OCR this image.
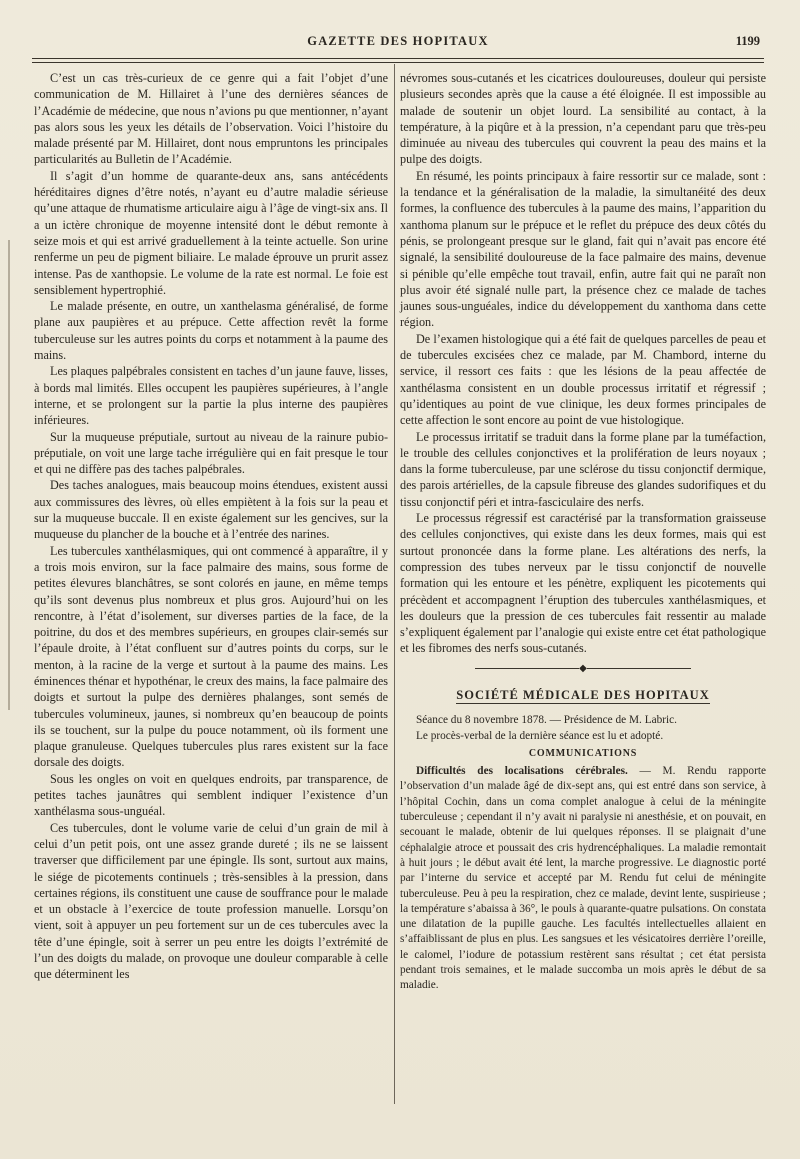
GAZETTE DES HOPITAUX	1199

C’est un cas très-curieux de ce genre qui a fait l’objet d’une communication de M. Hillairet à l’une des dernières séances de l’Académie de médecine, que nous n’avions pu que mentionner, n’ayant pas alors sous les yeux les détails de l’observation. Voici l’histoire du malade présenté par M. Hillairet, dont nous empruntons les principales particularités au Bulletin de l’Académie.

Il s’agit d’un homme de quarante-deux ans, sans antécédents héréditaires dignes d’être notés, n’ayant eu d’autre maladie sérieuse qu’une attaque de rhumatisme articulaire aigu à l’âge de vingt-six ans. Il a un ictère chronique de moyenne intensité dont le début remonte à seize mois et qui est arrivé graduellement à la teinte actuelle. Son urine renferme un peu de pigment biliaire. Le malade éprouve un prurit assez intense. Pas de xanthopsie. Le volume de la rate est normal. Le foie est sensiblement hypertrophié.

Le malade présente, en outre, un xanthelasma généralisé, de forme plane aux paupières et au prépuce. Cette affection revêt la forme tuberculeuse sur les autres points du corps et notamment à la paume des mains.

Les plaques palpébrales consistent en taches d’un jaune fauve, lisses, à bords mal limités. Elles occupent les paupières supérieures, à l’angle interne, et se prolongent sur la partie la plus interne des paupières inférieures.

Sur la muqueuse préputiale, surtout au niveau de la rainure pubio-préputiale, on voit une large tache irrégulière qui en fait presque le tour et qui ne diffère pas des taches palpébrales.

Des taches analogues, mais beaucoup moins étendues, existent aussi aux commissures des lèvres, où elles empiètent à la fois sur la peau et sur la muqueuse buccale. Il en existe également sur les gencives, sur la muqueuse du plancher de la bouche et à l’entrée des narines.

Les tubercules xanthélasmiques, qui ont commencé à apparaître, il y a trois mois environ, sur la face palmaire des mains, sous forme de petites élevures blanchâtres, se sont colorés en jaune, en même temps qu’ils sont devenus plus nombreux et plus gros. Aujourd’hui on les rencontre, à l’état d’isolement, sur diverses parties de la face, de la poitrine, du dos et des membres supérieurs, en groupes clair-semés sur l’épaule droite, à l’état confluent sur d’autres points du corps, sur le menton, à la racine de la verge et surtout à la paume des mains. Les éminences thénar et hypothénar, le creux des mains, la face palmaire des doigts et surtout la pulpe des dernières phalanges, sont semés de tubercules volumineux, jaunes, si nombreux qu’en beaucoup de points ils se touchent, sur la pulpe du pouce notamment, où ils forment une plaque granuleuse. Quelques tubercules plus rares existent sur la face dorsale des doigts.

Sous les ongles on voit en quelques endroits, par transparence, de petites taches jaunâtres qui semblent indiquer l’existence d’un xanthélasma sous-unguéal.

Ces tubercules, dont le volume varie de celui d’un grain de mil à celui d’un petit pois, ont une assez grande dureté ; ils ne se laissent traverser que difficilement par une épingle. Ils sont, surtout aux mains, le siége de picotements continuels ; très-sensibles à la pression, dans certaines régions, ils constituent une cause de souffrance pour le malade et un obstacle à l’exercice de toute profession manuelle. Lorsqu’on vient, soit à appuyer un peu fortement sur un de ces tubercules avec la tête d’une épingle, soit à serrer un peu entre les doigts l’extrémité de l’un des doigts du malade, on provoque une douleur comparable à celle que déterminent les

névromes sous-cutanés et les cicatrices douloureuses, douleur qui persiste plusieurs secondes après que la cause a été éloignée. Il est impossible au malade de soutenir un objet lourd. La sensibilité au contact, à la température, à la piqûre et à la pression, n’a cependant paru que très-peu diminuée au niveau des tubercules qui couvrent la peau des mains et la pulpe des doigts.

En résumé, les points principaux à faire ressortir sur ce malade, sont : la tendance et la généralisation de la maladie, la simultanéité des deux formes, la confluence des tubercules à la paume des mains, l’apparition du xanthoma planum sur le prépuce et le reflet du prépuce des deux côtés du pénis, se prolongeant presque sur le gland, fait qui n’avait pas encore été signalé, la sensibilité douloureuse de la face palmaire des mains, devenue si pénible qu’elle empêche tout travail, enfin, autre fait qui ne paraît non plus avoir été signalé nulle part, la présence chez ce malade de taches jaunes sous-unguéales, indice du développement du xanthoma dans cette région.

De l’examen histologique qui a été fait de quelques parcelles de peau et de tubercules excisées chez ce malade, par M. Chambord, interne du service, il ressort ces faits : que les lésions de la peau affectée de xanthélasma consistent en un double processus irritatif et régressif ; qu’identiques au point de vue clinique, les deux formes principales de cette affection le sont encore au point de vue histologique.

Le processus irritatif se traduit dans la forme plane par la tuméfaction, le trouble des cellules conjonctives et la prolifération de leurs noyaux ; dans la forme tuberculeuse, par une sclérose du tissu conjonctif dermique, des parois artérielles, de la capsule fibreuse des glandes sudorifiques et du tissu conjonctif péri et intra-fasciculaire des nerfs.

Le processus régressif est caractérisé par la transformation graisseuse des cellules conjonctives, qui existe dans les deux formes, mais qui est surtout prononcée dans la forme plane. Les altérations des nerfs, la compression des tubes nerveux par le tissu conjonctif de nouvelle formation qui les entoure et les pénètre, expliquent les picotements qui précèdent et accompagnent l’éruption des tubercules xanthélasmiques, et les douleurs que la pression de ces tubercules fait ressentir au malade s’expliquent également par l’analogie qui existe entre cet état pathologique et les fibromes des nerfs sous-cutanés.

◆
SOCIÉTÉ MÉDICALE DES HOPITAUX

Séance du 8 novembre 1878. — Présidence de M. Labric.

Le procès-verbal de la dernière séance est lu et adopté.

COMMUNICATIONS

Difficultés des localisations cérébrales. — M. Rendu rapporte l’observation d’un malade âgé de dix-sept ans, qui est entré dans son service, à l’hôpital Cochin, dans un coma complet analogue à celui de la méningite tuberculeuse ; cependant il n’y avait ni paralysie ni anesthésie, et on pouvait, en secouant le malade, obtenir de lui quelques réponses. Il se plaignait d’une céphalalgie atroce et poussait des cris hydrencéphaliques. La maladie remontait à huit jours ; le début avait été lent, la marche progressive. Le diagnostic porté par l’interne du service et accepté par M. Rendu fut celui de méningite tuberculeuse. Peu à peu la respiration, chez ce malade, devint lente, suspirieuse ; la température s’abaissa à 36°, le pouls à quarante-quatre pulsations. On constata une dilatation de la pupille gauche. Les facultés intellectuelles allaient en s’affaiblissant de plus en plus. Les sangsues et les vésicatoires derrière l’oreille, le calomel, l’iodure de potassium restèrent sans résultat ; cet état persista pendant trois semaines, et le malade succomba un mois après le début de sa maladie.
